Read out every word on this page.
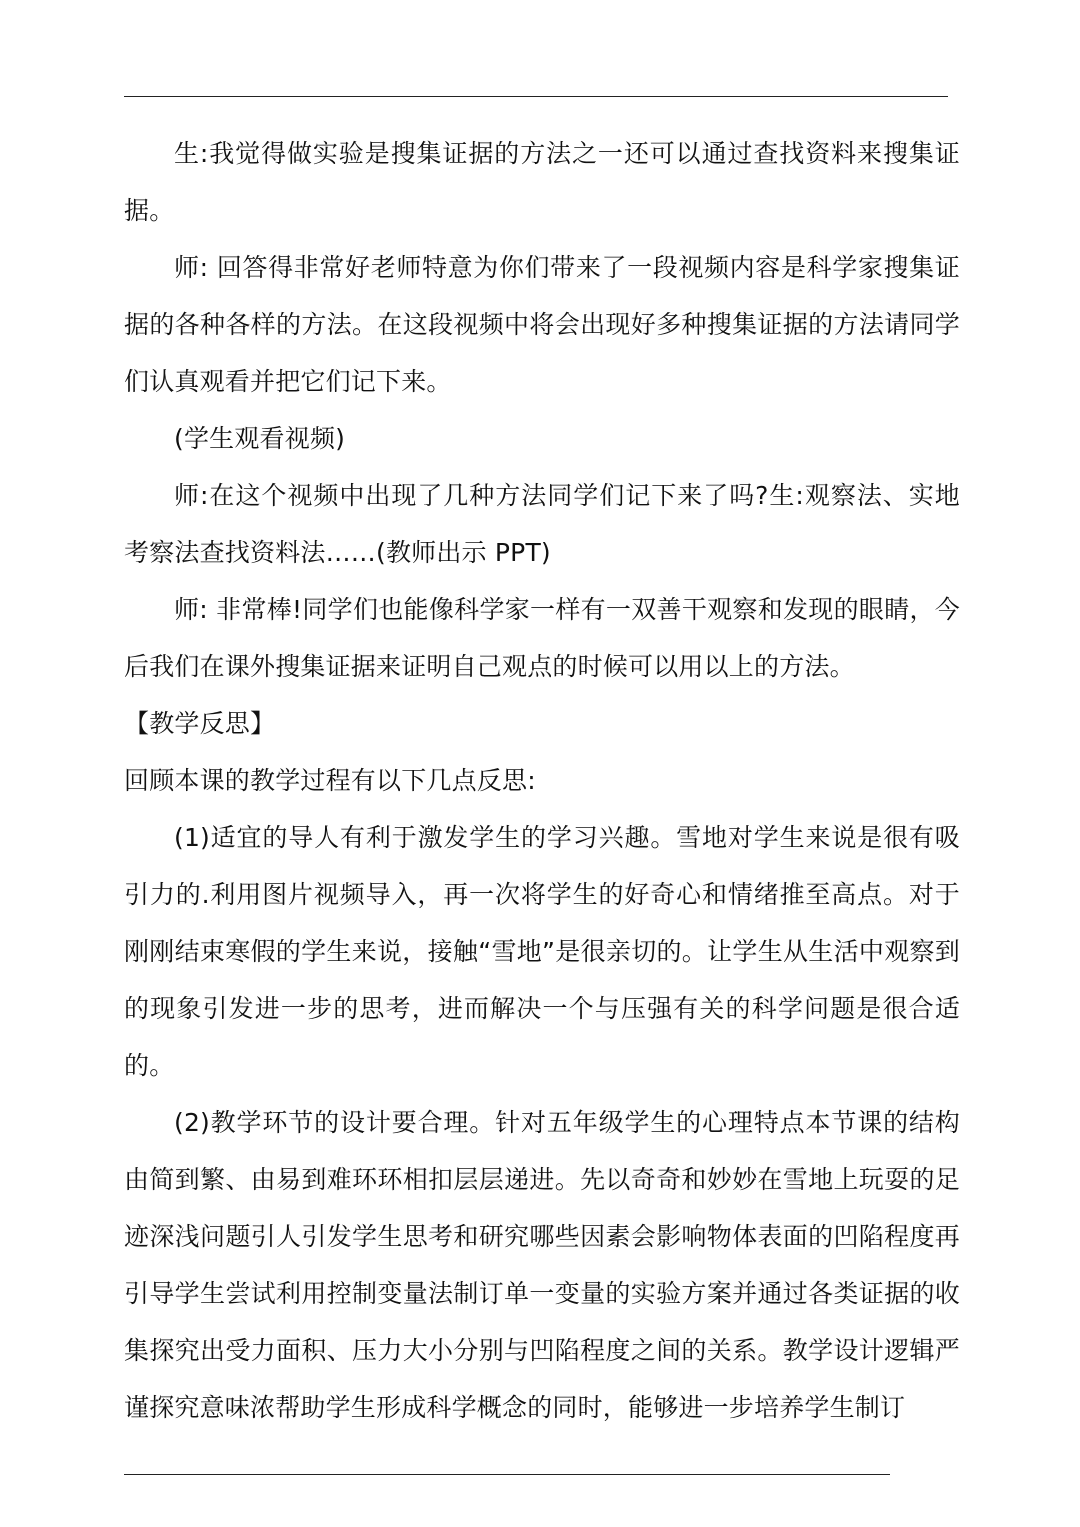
生:我觉得做实验是搜集证据的方法之一还可以通过查找资料来搜集证据。

师: 回答得非常好老师特意为你们带来了一段视频内容是科学家搜集证据的各种各样的方法。在这段视频中将会出现好多种搜集证据的方法请同学们认真观看并把它们记下来。

(学生观看视频)

师:在这个视频中出现了几种方法同学们记下来了吗?生:观察法、实地考察法查找资料法……(教师出示 PPT)

师: 非常棒!同学们也能像科学家一样有一双善干观察和发现的眼睛，今后我们在课外搜集证据来证明自己观点的时候可以用以上的方法。

【教学反思】

回顾本课的教学过程有以下几点反思:

(1)适宜的导人有利于激发学生的学习兴趣。雪地对学生来说是很有吸引力的.利用图片视频导入，再一次将学生的好奇心和情绪推至高点。对于刚刚结束寒假的学生来说，接触“雪地”是很亲切的。让学生从生活中观察到的现象引发进一步的思考，进而解决一个与压强有关的科学问题是很合适的。

(2)教学环节的设计要合理。针对五年级学生的心理特点本节课的结构由简到繁、由易到难环环相扣层层递进。先以奇奇和妙妙在雪地上玩耍的足迹深浅问题引人引发学生思考和研究哪些因素会影响物体表面的凹陷程度再引导学生尝试利用控制变量法制订单一变量的实验方案并通过各类证据的收集探究出受力面积、压力大小分别与凹陷程度之间的关系。教学设计逻辑严谨探究意味浓帮助学生形成科学概念的同时，能够进一步培养学生制订
